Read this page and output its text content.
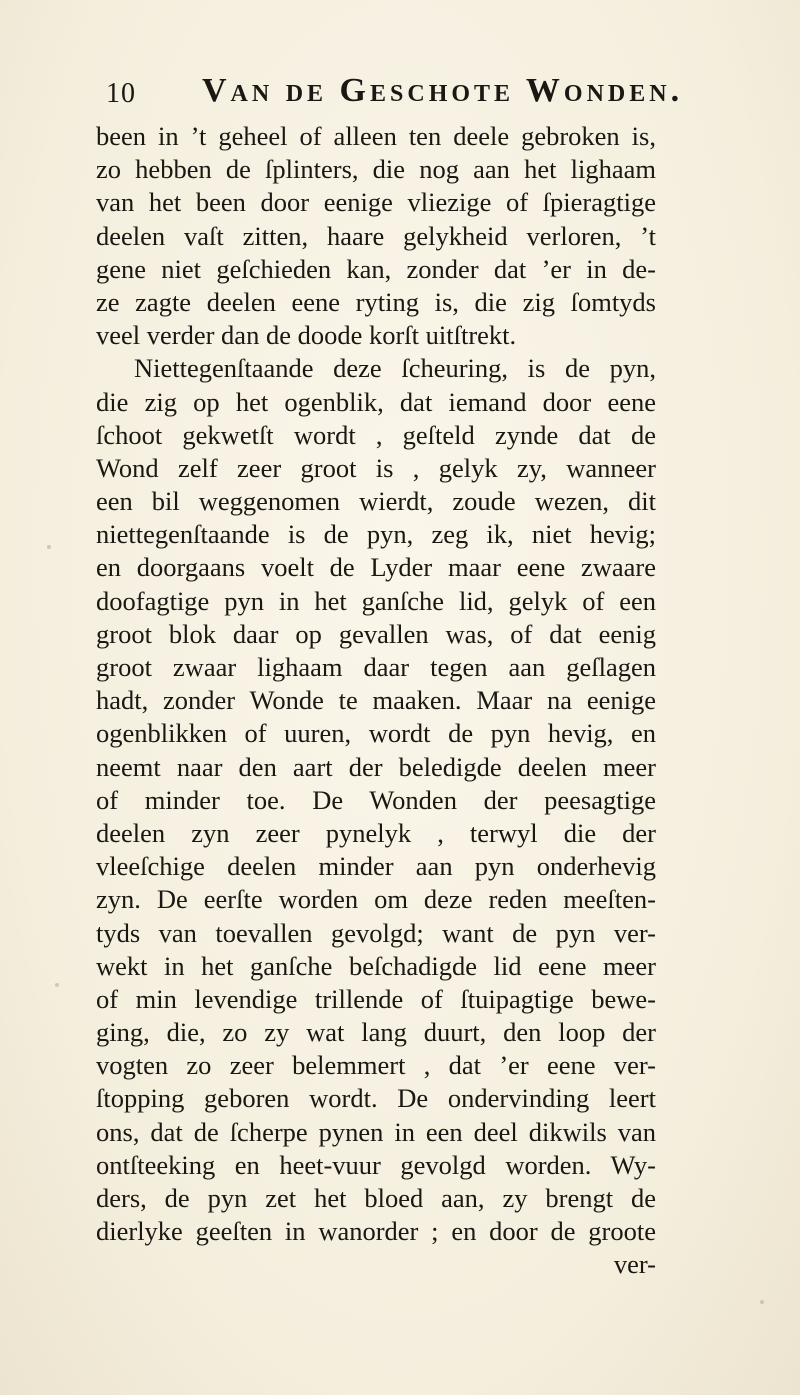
10 Van de Geschote Wonden.
been in ’t geheel of alleen ten deele gebroken is,
zo hebben de ſplinters, die nog aan het lighaam
van het been door eenige vliezige of ſpieragtige
deelen vaſt zitten, haare gelykheid verloren, ’t
gene niet geſchieden kan, zonder dat ’er in de-
ze zagte deelen eene ryting is, die zig ſomtyds
veel verder dan de doode korſt uitſtrekt.
Niettegenſtaande deze ſcheuring, is de pyn,
die zig op het ogenblik, dat iemand door eene
ſchoot gekwetſt wordt , geſteld zynde dat de
Wond zelf zeer groot is , gelyk zy, wanneer
een bil weggenomen wierdt, zoude wezen, dit
niettegenſtaande is de pyn, zeg ik, niet hevig;
en doorgaans voelt de Lyder maar eene zwaare
doofagtige pyn in het ganſche lid, gelyk of een
groot blok daar op gevallen was, of dat eenig
groot zwaar lighaam daar tegen aan geſlagen
hadt, zonder Wonde te maaken. Maar na eenige
ogenblikken of uuren, wordt de pyn hevig, en
neemt naar den aart der beledigde deelen meer
of minder toe. De Wonden der peesagtige
deelen zyn zeer pynelyk , terwyl die der
vleeſchige deelen minder aan pyn onderhevig
zyn. De eerſte worden om deze reden meeſten-
tyds van toevallen gevolgd; want de pyn ver-
wekt in het ganſche beſchadigde lid eene meer
of min levendige trillende of ſtuipagtige bewe-
ging, die, zo zy wat lang duurt, den loop der
vogten zo zeer belemmert , dat ’er eene ver-
ſtopping geboren wordt. De ondervinding leert
ons, dat de ſcherpe pynen in een deel dikwils van
ontſteeking en heet-vuur gevolgd worden. Wy-
ders, de pyn zet het bloed aan, zy brengt de
dierlyke geeſten in wanorder ; en door de groote
ver-
